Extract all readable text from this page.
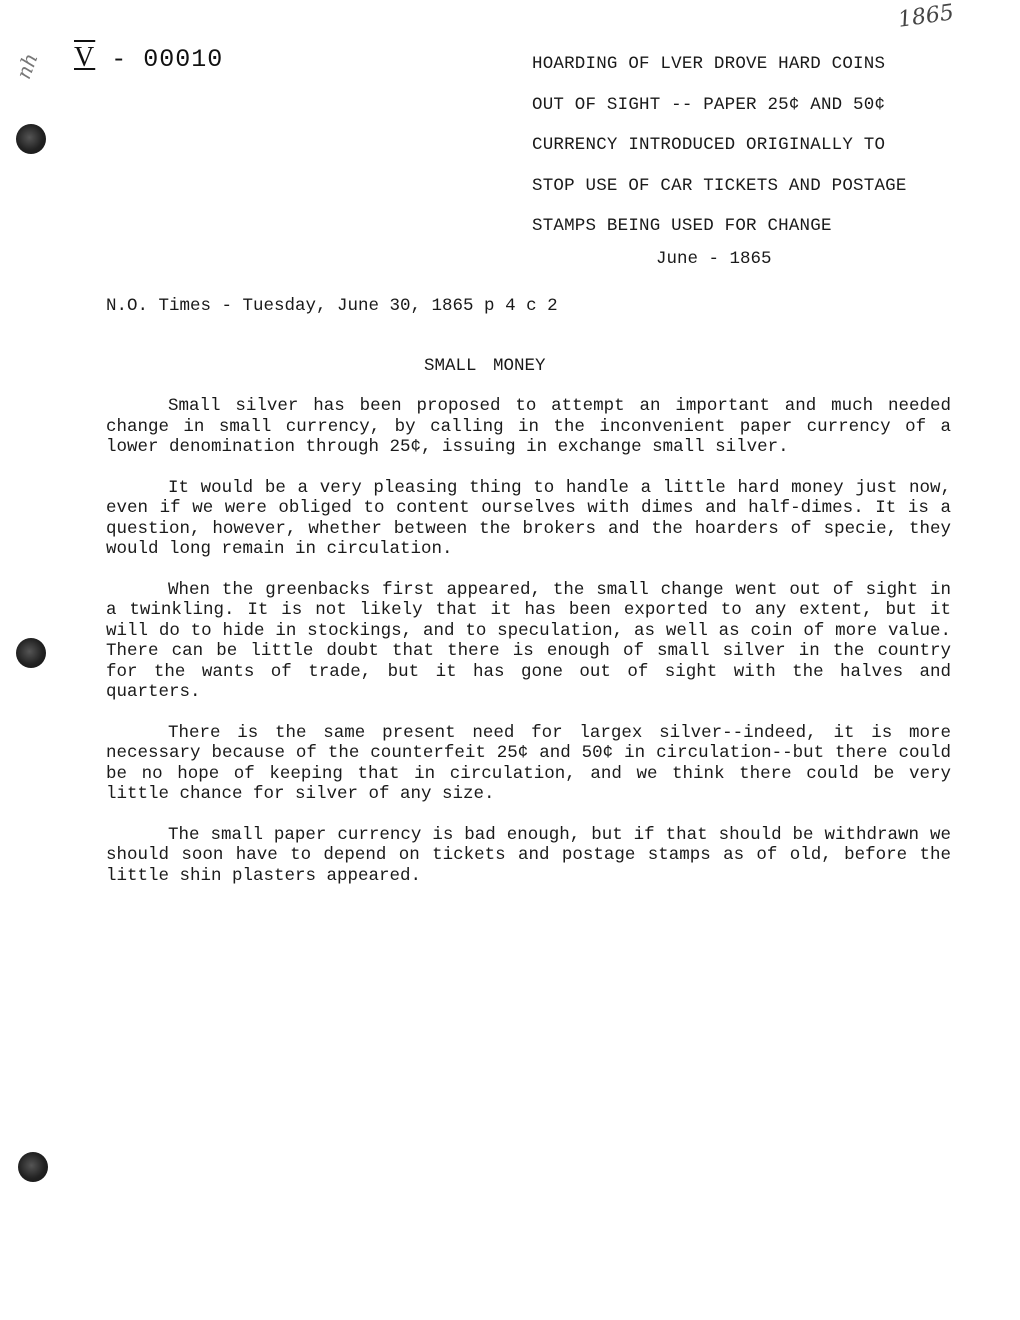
1865
nh V - 00010	HOARDING OF LVER DROVE HARD COINS
OUT OF SIGHT -- PAPER 25¢ AND 50¢
CURRENCY INTRODUCED ORIGINALLY TO
STOP USE OF CAR TICKETS AND POSTAGE
STAMPS BEING USED FOR CHANGE
June - 1865
N.O. Times - Tuesday, June 30, 1865 p 4 c 2
SMALL MONEY

Small silver has been proposed to attempt an important and much needed change in small currency, by calling in the inconvenient paper currency of a lower denomination through 25¢, issuing in exchange small silver.

It would be a very pleasing thing to handle a little hard money just now, even if we were obliged to content ourselves with dimes and half-dimes. It is a question, however, whether between the brokers and the hoarders of specie, they would long remain in circulation.

When the greenbacks first appeared, the small change went out of sight in a twinkling. It is not likely that it has been exported to any extent, but it will do to hide in stockings, and to speculation, as well as coin of more value. There can be little doubt that there is enough of small silver in the country for the wants of trade, but it has gone out of sight with the halves and quarters.

There is the same present need for largex silver--indeed, it is more necessary because of the counterfeit 25¢ and 50¢ in circulation--but there could be no hope of keeping that in circulation, and we think there could be very little chance for silver of any size.

The small paper currency is bad enough, but if that should be withdrawn we should soon have to depend on tickets and postage stamps as of old, before the little shin plasters appeared.
